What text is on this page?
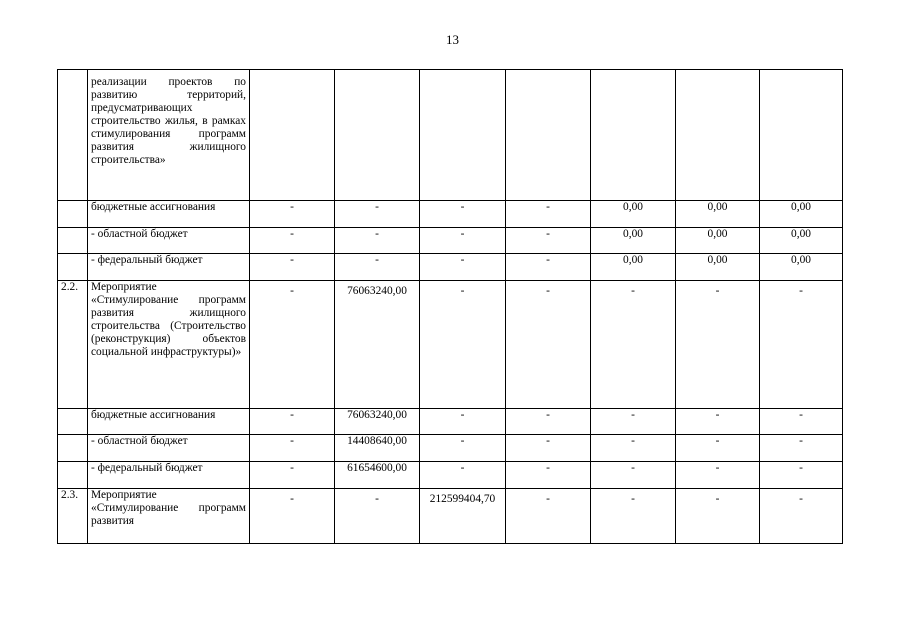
13
	реализации проектов по развитию территорий, предусматривающих строительство жилья, в рамках стимулирования программ развития жилищного строительства»							
	бюджетные ассигнования	-	-	-	-	0,00	0,00	0,00
	- областной бюджет	-	-	-	-	0,00	0,00	0,00
	- федеральный бюджет	-	-	-	-	0,00	0,00	0,00
2.2.	Мероприятие «Стимулирование программ развития жилищного строительства (Строительство (реконструкция) объектов социальной инфраструктуры)»	-	76063240,00	-	-	-	-	-
	бюджетные ассигнования	-	76063240,00	-	-	-	-	-
	- областной бюджет	-	14408640,00	-	-	-	-	-
	- федеральный бюджет	-	61654600,00	-	-	-	-	-
2.3.	Мероприятие «Стимулирование программ развития	-	-	212599404,70	-	-	-	-
